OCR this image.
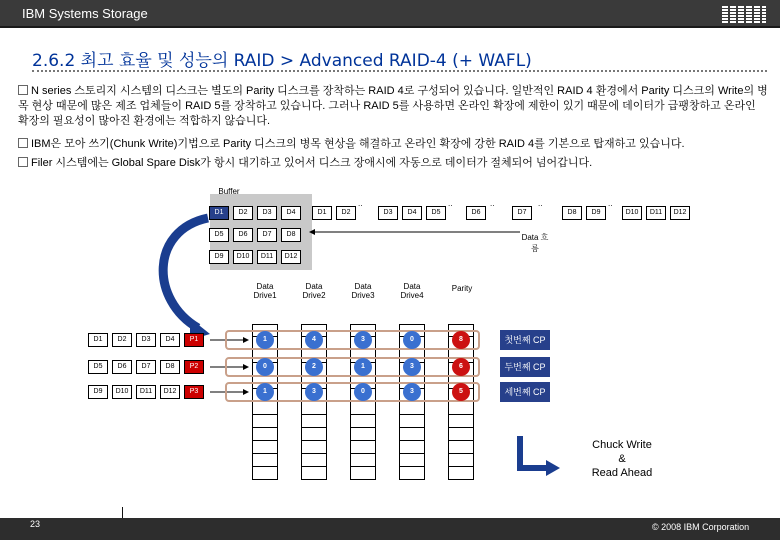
IBM Systems Storage
2.6.2 최고 효율 및 성능의 RAID > Advanced RAID-4 (+ WAFL)
N series 스토리지 시스템의 디스크는 별도의 Parity 디스크를 장착하는 RAID 4로 구성되어 있습니다. 일반적인 RAID 4 환경에서 Parity 디스크의 Write의 병목 현상 때문에 많은 제조 업체들이 RAID 5를 장착하고 있습니다. 그러나 RAID 5를 사용하면 온라인 확장에 제한이 있기 때문에 데이터가 급팽창하고 온라인 확장의 필요성이 많아진 환경에는 적합하지 않습니다.
IBM은 모아 쓰기(Chunk Write)기법으로 Parity 디스크의 병목 현상을 해결하고 온라인 확장에 강한 RAID 4를 기본으로 탑재하고 있습니다.
Filer 시스템에는 Global Spare Disk가 항시 대기하고 있어서 디스크 장애시에 자동으로 데이터가 절체되어 넘어갑니다.
Buffer
D1	D2	D3	D4
D5	D6	D7	D8
D9	D10	D11	D12
D1	D2	D3	D4	D5	D6	D7	D8	D9	D10	D11	D12
..	..	..	..	..
Data 흐름
Data Drive1
Data Drive2
Data Drive3
Data Drive4
Parity
D1	D2	D3	D4	P1
D5	D6	D7	D8	P2
D9	D10	D11	D12	P3
1	4	3	0	8
0	2	1	3	6
1	3	0	3	5
첫번째 CP
두번째 CP
세번째 CP
Chuck Write
&
Read Ahead
23	© 2008 IBM Corporation
